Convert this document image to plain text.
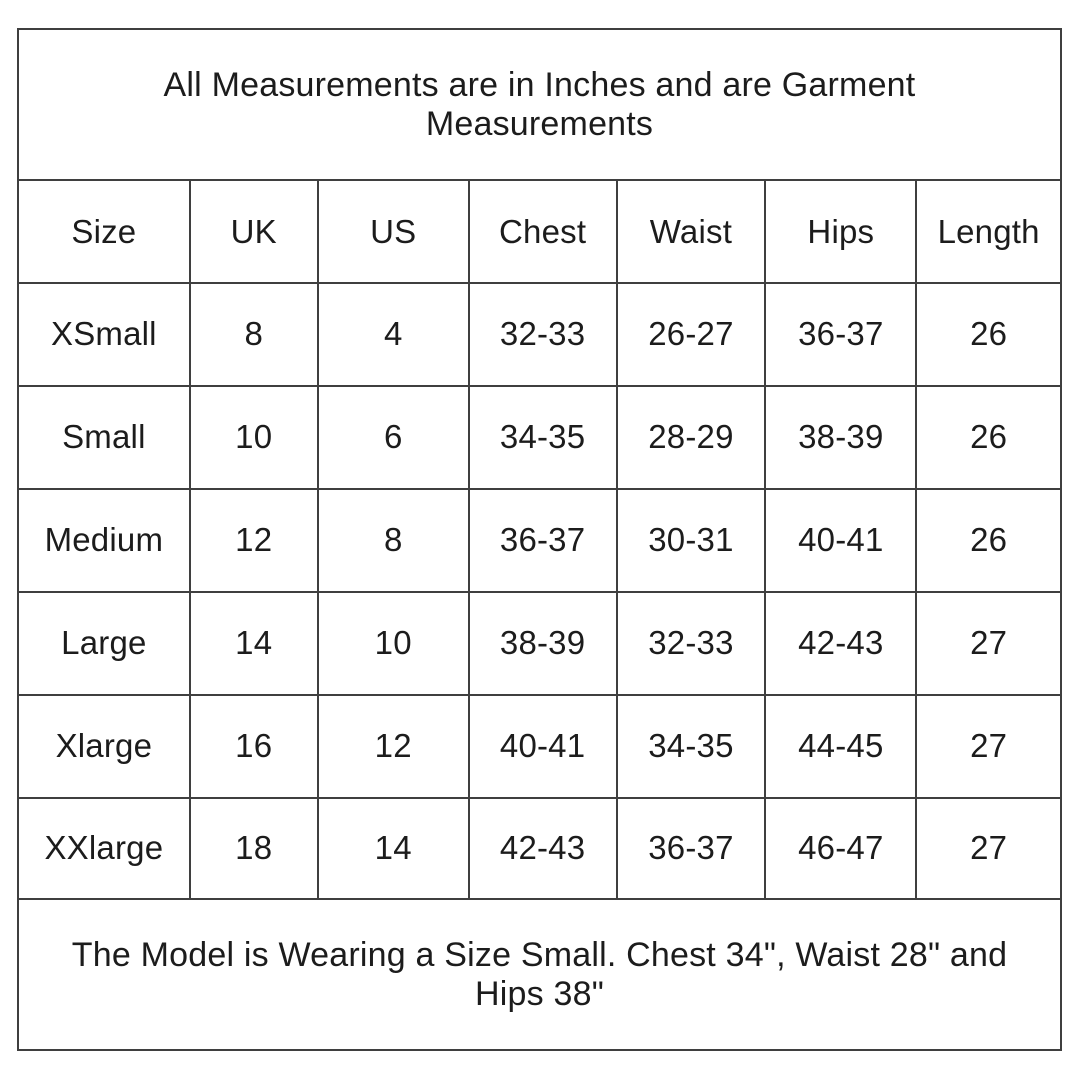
All Measurements are in Inches and are Garment Measurements
Size	UK	US	Chest	Waist	Hips	Length
XSmall	8	4	32-33	26-27	36-37	26
Small	10	6	34-35	28-29	38-39	26
Medium	12	8	36-37	30-31	40-41	26
Large	14	10	38-39	32-33	42-43	27
Xlarge	16	12	40-41	34-35	44-45	27
XXlarge	18	14	42-43	36-37	46-47	27
The Model is Wearing a Size Small. Chest 34", Waist 28" and Hips 38"
